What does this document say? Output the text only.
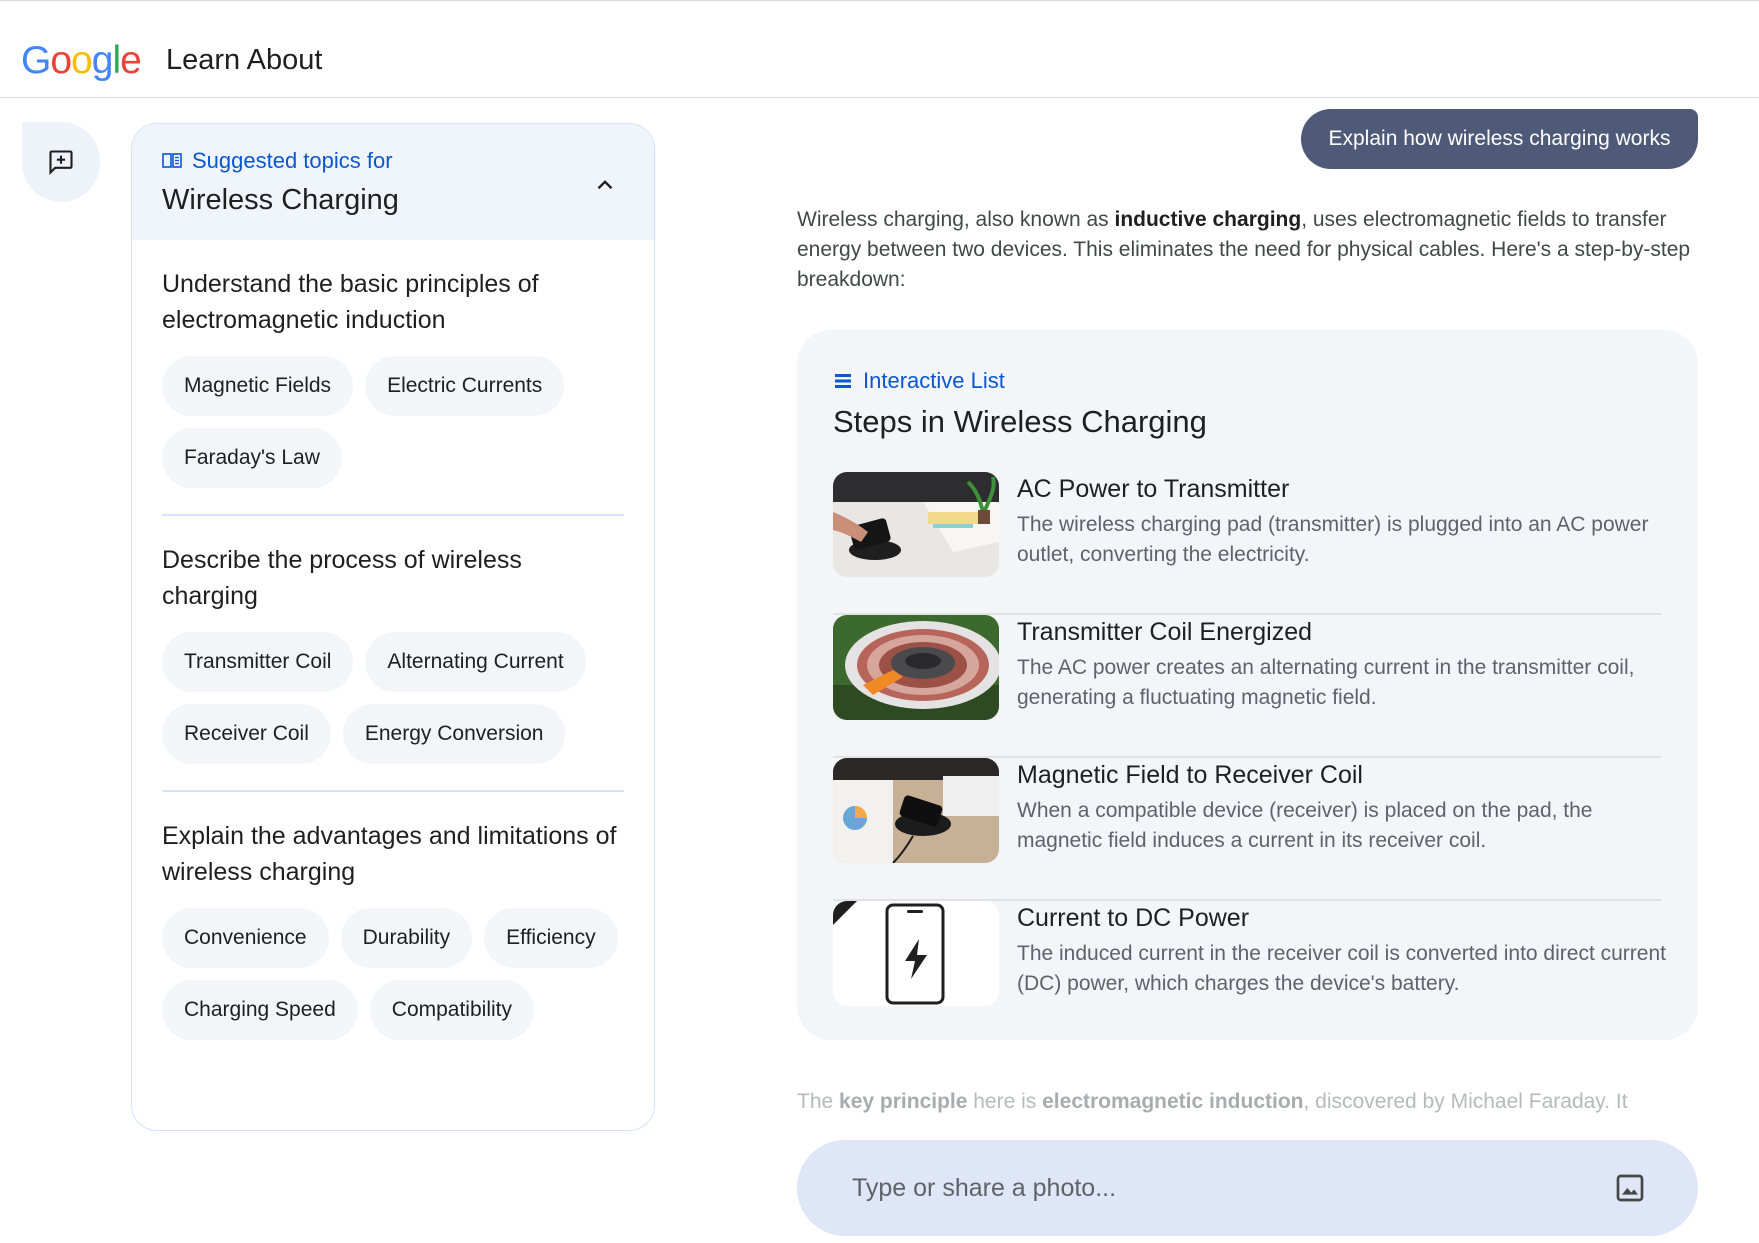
Google Learn About
Suggested topics for
Wireless Charging
Understand the basic principles of electromagnetic induction
Magnetic Fields	Electric Currents
Faraday's Law
Describe the process of wireless charging
Transmitter Coil	Alternating Current
Receiver Coil	Energy Conversion
Explain the advantages and limitations of wireless charging
Convenience	Durability	Efficiency
Charging Speed	Compatibility
Explain how wireless charging works
Wireless charging, also known as inductive charging, uses electromagnetic fields to transfer energy between two devices. This eliminates the need for physical cables. Here's a step-by-step breakdown:
Interactive List
Steps in Wireless Charging
AC Power to Transmitter
The wireless charging pad (transmitter) is plugged into an AC power outlet, converting the electricity.
Transmitter Coil Energized
The AC power creates an alternating current in the transmitter coil, generating a fluctuating magnetic field.
Magnetic Field to Receiver Coil
When a compatible device (receiver) is placed on the pad, the magnetic field induces a current in its receiver coil.
Current to DC Power
The induced current in the receiver coil is converted into direct current (DC) power, which charges the device's battery.
The key principle here is electromagnetic induction, discovered by Michael Faraday. It
Type or share a photo...
